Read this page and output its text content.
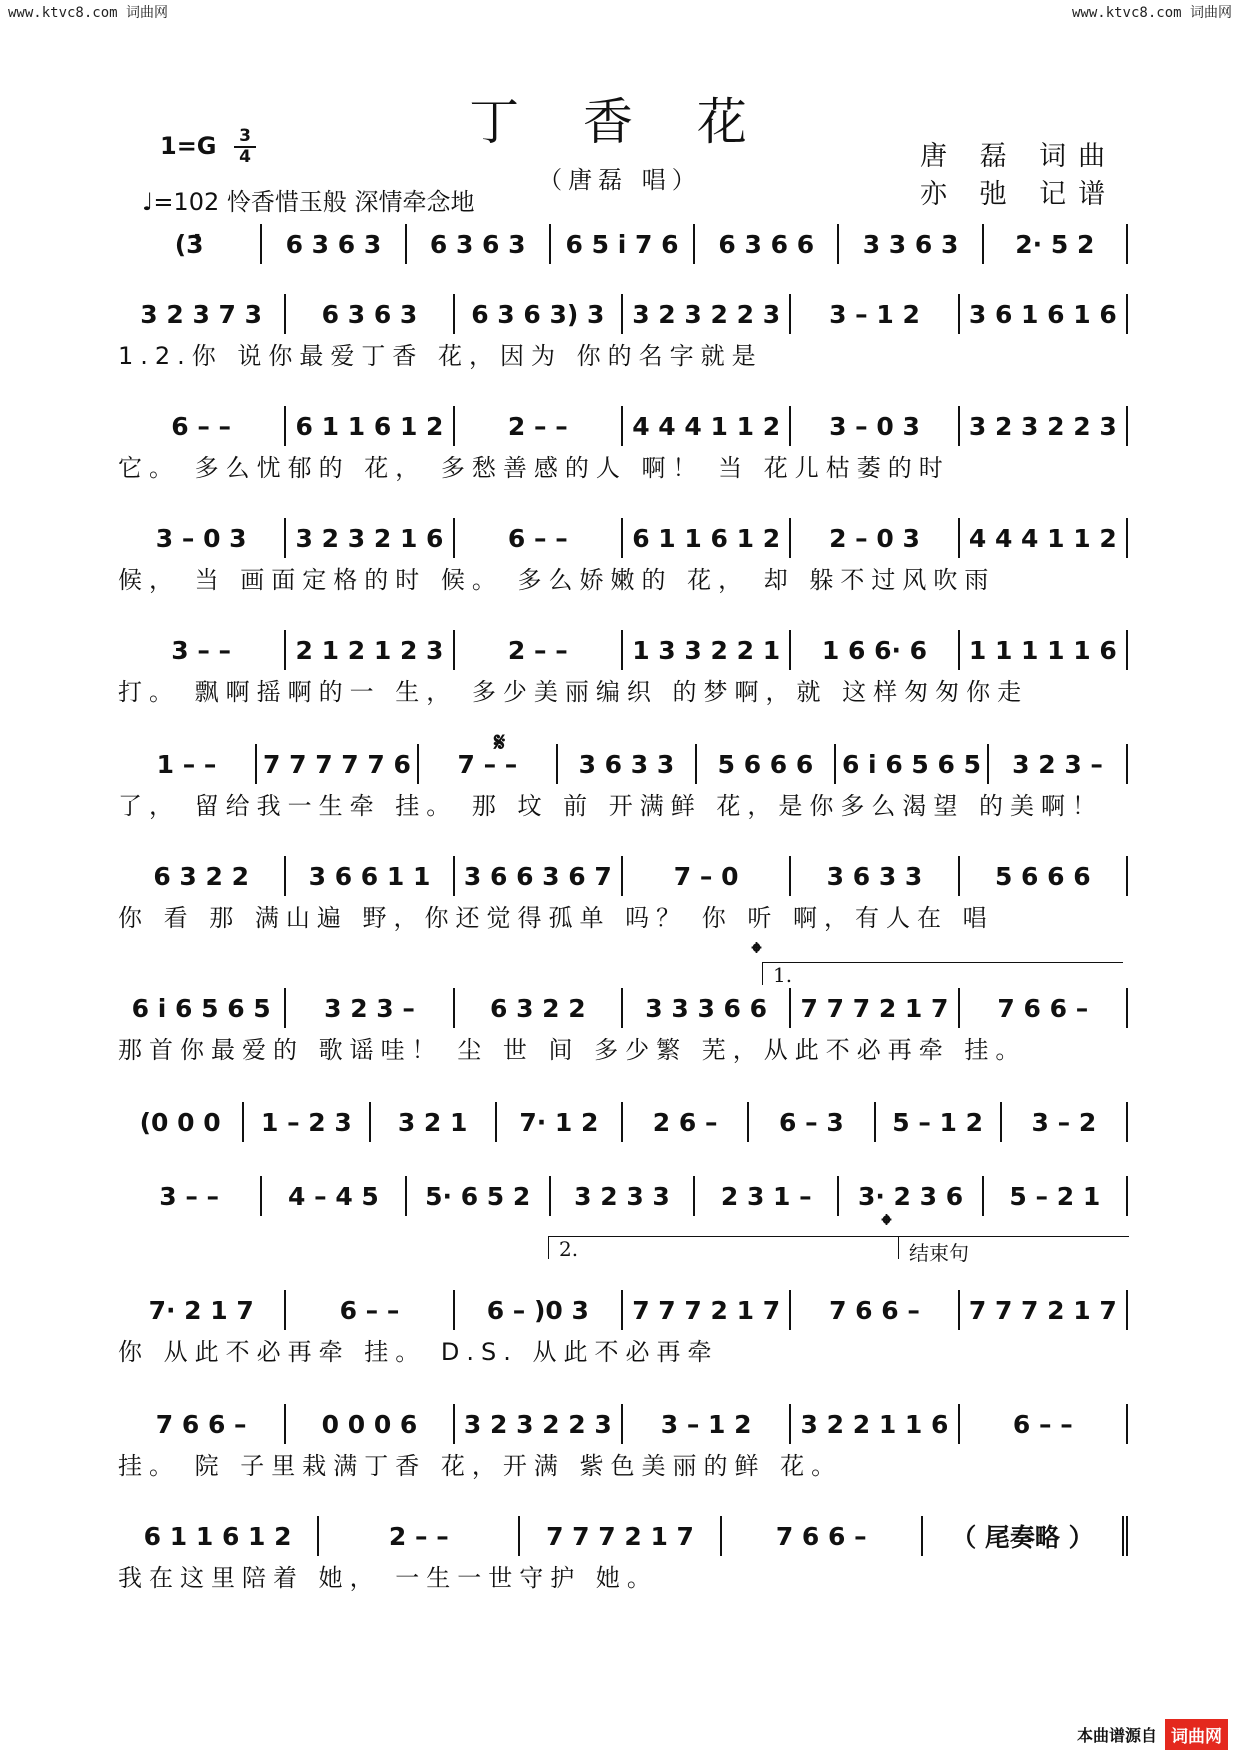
www.ktvc8.com 词曲网	www.ktvc8.com 词曲网
丁 香 花
（唐磊 唱）
1=G 3
4
♩=102 怜香惜玉般 深情牵念地
唐 磊 词曲
亦 弛 记谱
(3̇	6 3 6 3	6 3 6 3	6 5 i 7 6	6 3 6 6	3 3 6 3	2· 5 2
3 2 3 7 3	6 3 6 3	6 3 6 3) 3	3 2 3 2 2 3	3 – 1 2	3 6 1 6 1 6
1.2.你 说你最爱丁香 花，因为 你的名字就是
6 – –	6 1 1 6 1 2	2 – –	4 4 4 1 1 2	3 – 0 3	3 2 3 2 2 3
它。 多么忧郁的 花， 多愁善感的人 啊！ 当 花儿枯萎的时
3 – 0 3	3 2 3 2 1 6	6 – –	6 1 1 6 1 2	2 – 0 3	4 4 4 1 1 2
候， 当 画面定格的时 候。 多么娇嫩的 花， 却 躲不过风吹雨
3 – –	2 1 2 1 2 3	2 – –	1 3 3 2 2 1	1 6 6· 6	1 1 1 1 1 6
打。 飘啊摇啊的一 生， 多少美丽编织 的梦啊，就 这样匆匆你走
1 – –	7 7 7 7 7 6	7 – –	3 6 3 3	5 6 6 6	6 i 6 5 6 5	3 2 3 –
了， 留给我一生牵 挂。 那 坟 前 开满鲜 花，是你多么渴望 的美啊！
6 3 2 2	3 6 6 1 1	3 6 6 3 6 7	7 – 0	3 6 3 3	5 6 6 6
你 看 那 满山遍 野，你还觉得孤单 吗？ 你 听 啊，有人在 唱
6 i 6 5 6 5	3 2 3 –	6 3 2 2	3 3 3 6 6	7 7 7 2 1 7	7 6 6 –
那首你最爱的 歌谣哇！ 尘 世 间 多少繁 芜，从此不必再牵 挂。
(0 0 0	1 – 2 3	3 2 1	7· 1 2	2 6 –	6 – 3	5 – 1 2	3 – 2
3 – –	4 – 4 5	5· 6 5 2	3 2 3 3	2 3 1 –	3· 2 3 6	5 – 2 1
7· 2 1 7	6 – –	6 – )0 3	7 7 7 2 1 7	7 6 6 –	7 7 7 2 1 7
你 从此不必再牵 挂。 D.S. 从此不必再牵
7 6 6 –	0 0 0 6	3 2 3 2 2 3	3 – 1 2	3 2 2 1 1 6	6 – –
挂。 院 子里栽满丁香 花，开满 紫色美丽的鲜 花。
6 1 1 6 1 2	2 – –	7 7 7 2 1 7	7 6 6 –	（ 尾奏略 ）
我在这里陪着 她， 一生一世守护 她。
𝄋
𝄌
1.
𝄌
2.	结束句
本曲谱源自 词曲网
